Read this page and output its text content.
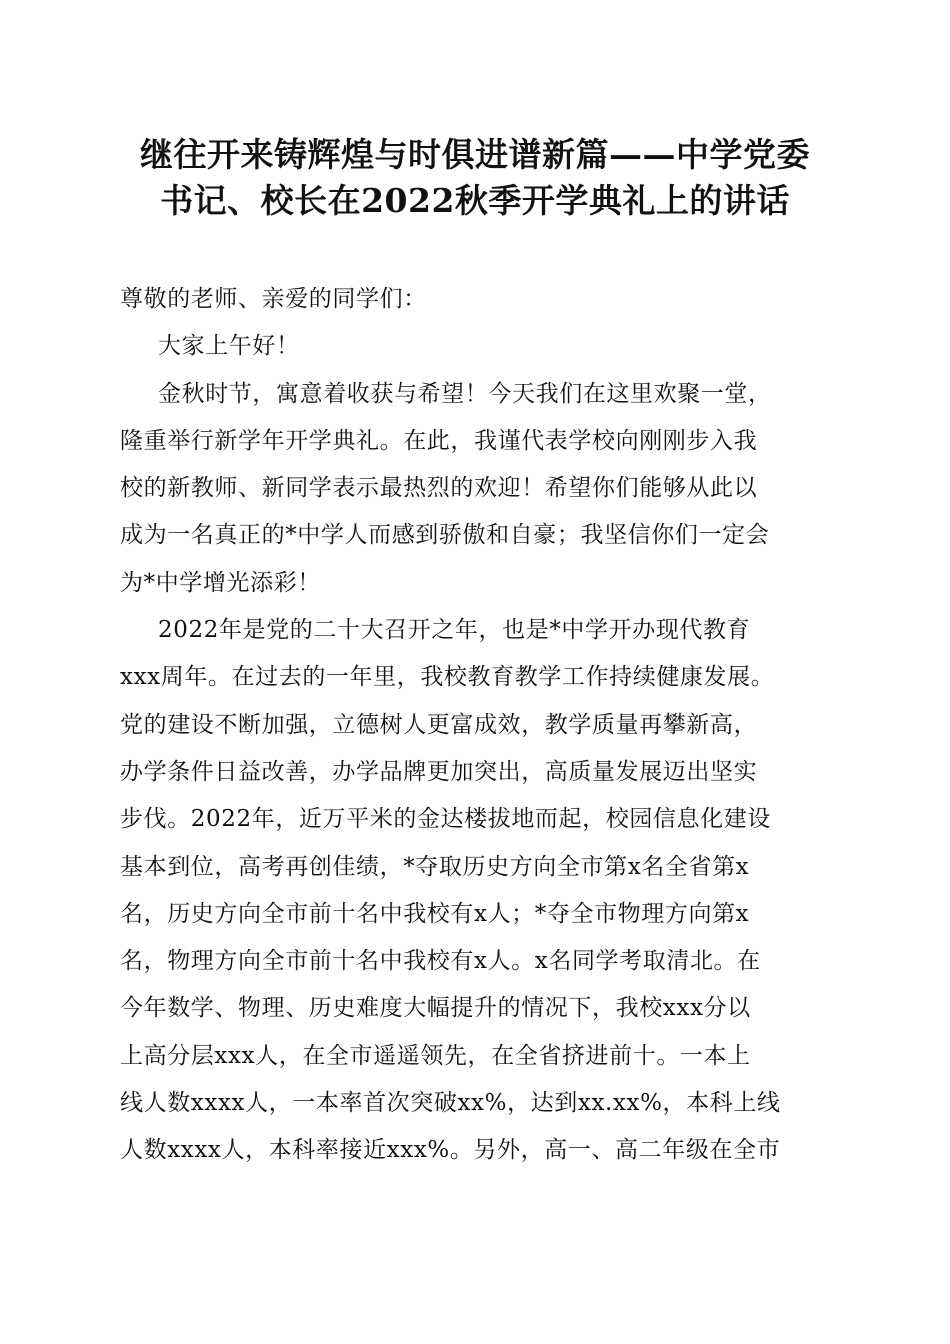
继往开来铸辉煌与时俱进谱新篇——中学党委
书记、校长在2022秋季开学典礼上的讲话
尊敬的老师、亲爱的同学们：
大家上午好！
金秋时节，寓意着收获与希望！今天我们在这里欢聚一堂，
隆重举行新学年开学典礼。在此，我谨代表学校向刚刚步入我
校的新教师、新同学表示最热烈的欢迎！希望你们能够从此以
成为一名真正的*中学人而感到骄傲和自豪；我坚信你们一定会
为*中学增光添彩！
2022年是党的二十大召开之年，也是*中学开办现代教育
xxx周年。在过去的一年里，我校教育教学工作持续健康发展。
党的建设不断加强，立德树人更富成效，教学质量再攀新高，
办学条件日益改善，办学品牌更加突出，高质量发展迈出坚实
步伐。2022年，近万平米的金达楼拔地而起，校园信息化建设
基本到位，高考再创佳绩，*夺取历史方向全市第x名全省第x
名，历史方向全市前十名中我校有x人；*夺全市物理方向第x
名，物理方向全市前十名中我校有x人。x名同学考取清北。在
今年数学、物理、历史难度大幅提升的情况下，我校xxx分以
上高分层xxx人，在全市遥遥领先，在全省挤进前十。一本上
线人数xxxx人，一本率首次突破xx%，达到xx.xx%，本科上线
人数xxxx人，本科率接近xxx%。另外，高一、高二年级在全市
